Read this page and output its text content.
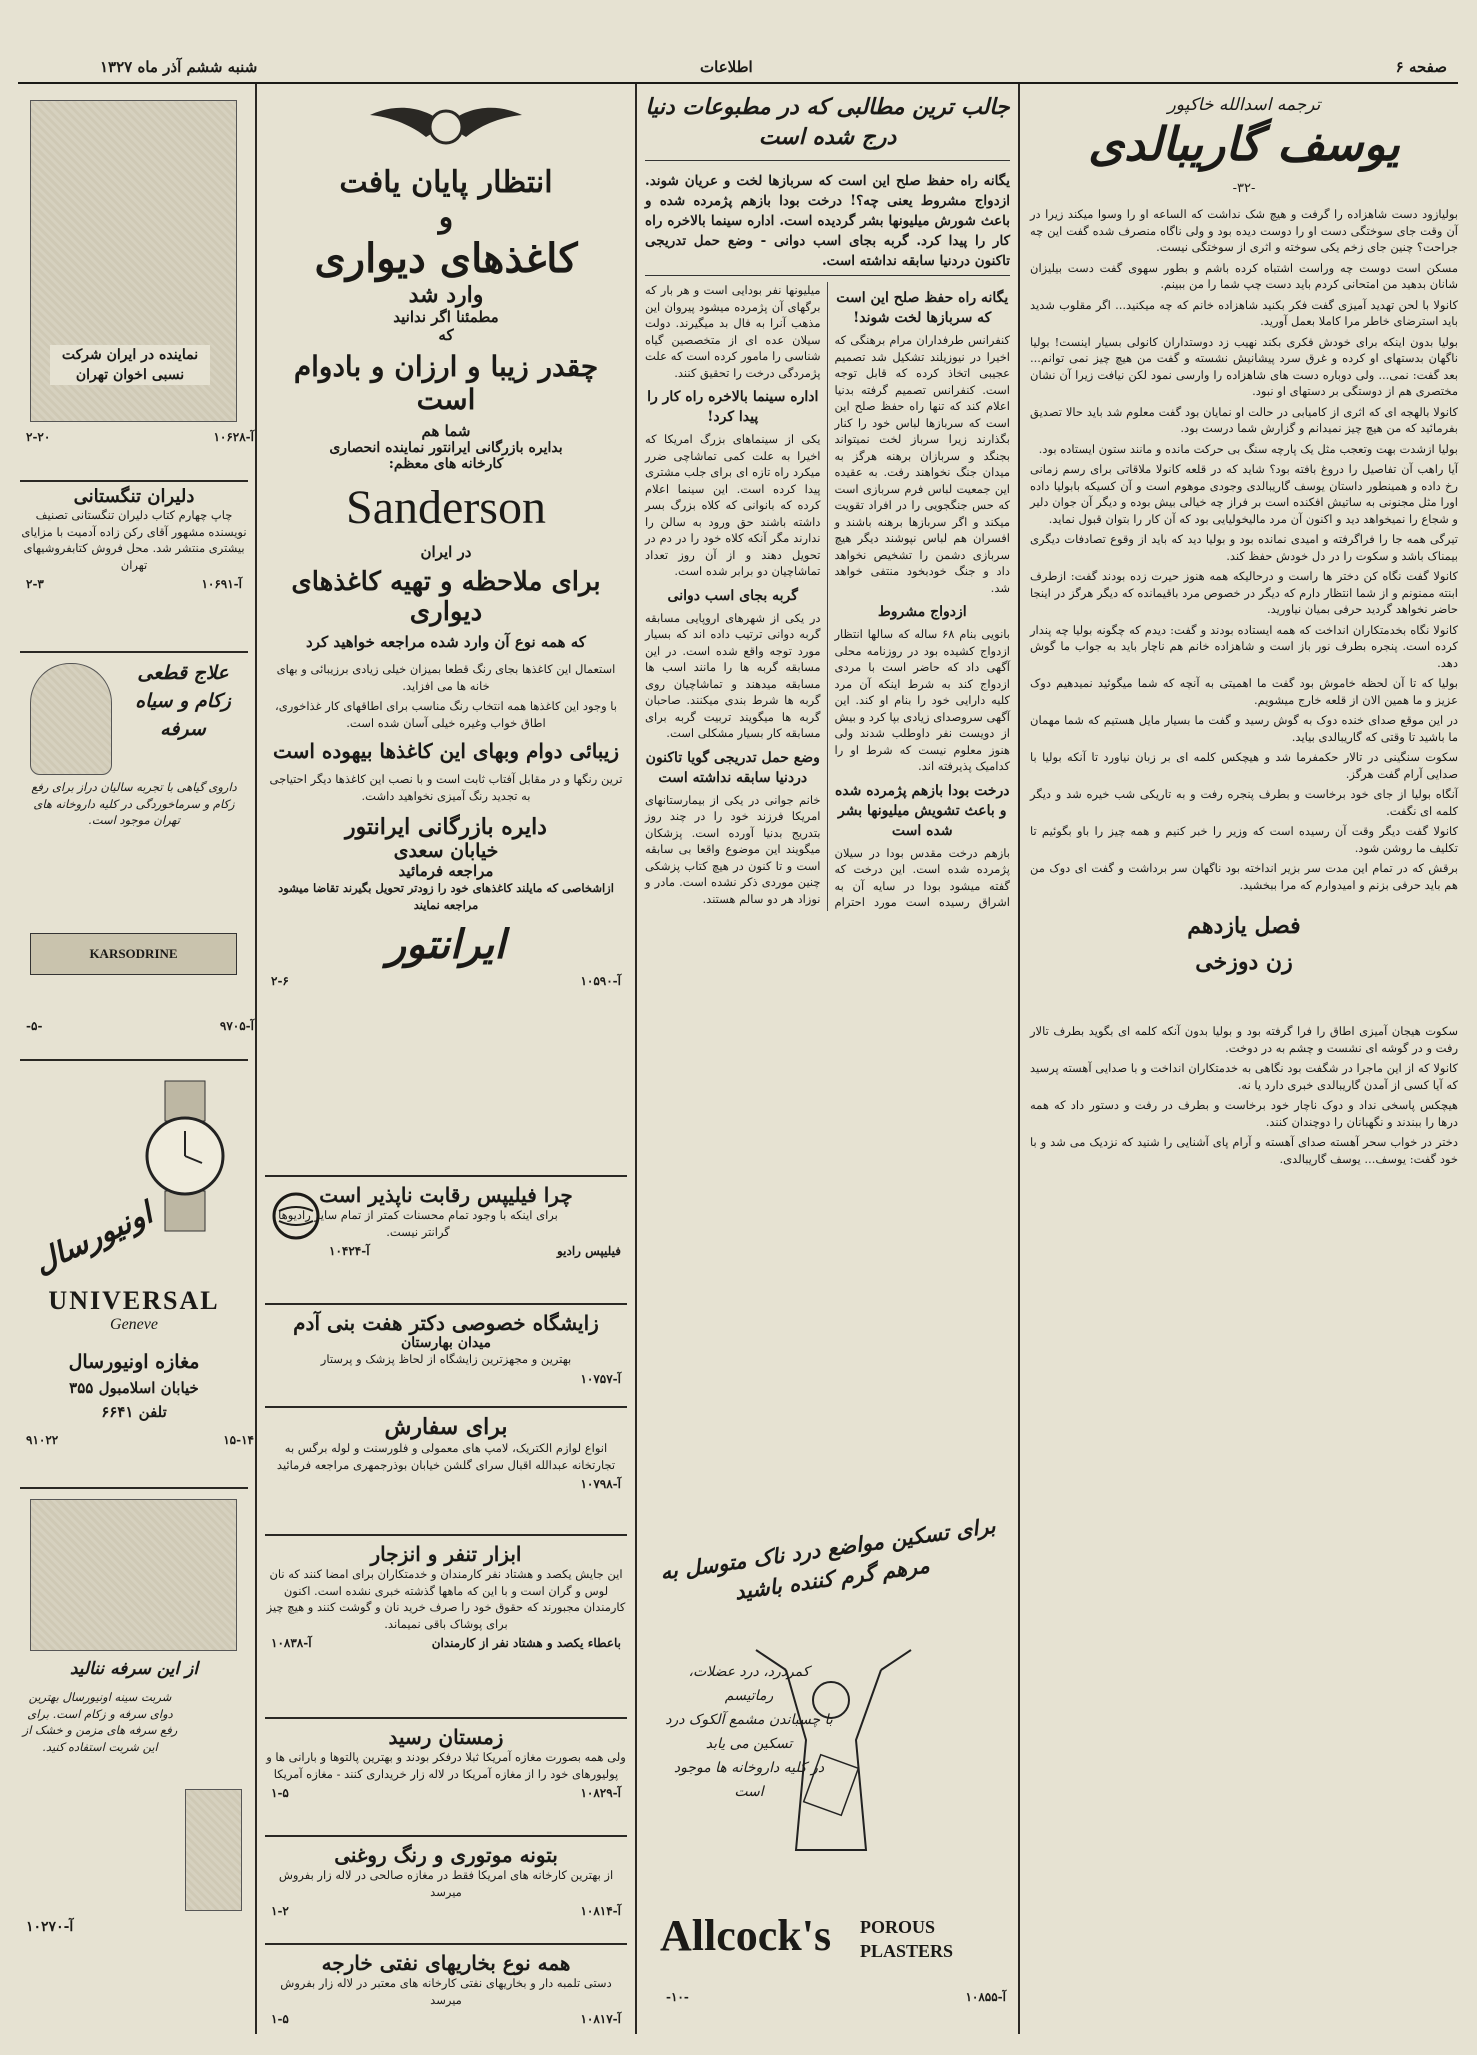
صفحه ۶
اطلاعات
شنبه ششم آذر ماه ۱۳۲۷
ترجمه اسدالله خاکپور
یوسف گاریبالدی
-۳۲-

بولیازود دست شاهزاده را گرفت و هیچ شک نداشت که الساعه او را وسوا میکند زیرا در آن وقت جای سوختگی دست او را دوست دیده بود و ولی ناگاه منصرف شده گفت این چه جراحت؟ چنین جای زخم یکی سوخته و اثری از سوختگی نیست.

مسکن است دوست چه وراست اشتباه کرده باشم و بطور سهوی گفت دست بیلیزان شانان بدهید من امتحانی کردم باید دست چپ شما را من ببینم.

کانولا با لحن تهدید آمیزی گفت فکر بکنید شاهزاده خانم که چه میکنید... اگر مقلوب شدید باید استرضای خاطر مرا کاملا بعمل آورید.

بولیا بدون اینکه برای خودش فکری بکند نهیب زد دوستداران کانولی بسیار اینست! بولیا ناگهان بدستهای او کرده و غرق سرد پیشانیش نشسته و گفت من هیچ چیز نمی توانم... بعد گفت: نمی... ولی دوباره دست های شاهزاده را وارسی نمود لکن نیافت زیرا آن نشان مختصری هم از دوستگی بر دستهای او نبود.

کانولا بالهجه ای که اثری از کامیابی در حالت او نمایان بود گفت معلوم شد باید حالا تصدیق بفرمائید که من هیچ چیز نمیدانم و گزارش شما درست بود.

بولیا ازشدت بهت وتعجب مثل یک پارچه سنگ بی حرکت مانده و مانند ستون ایستاده بود.

آیا راهب آن تفاصیل را دروغ بافته بود؟ شاید که در قلعه کانولا ملاقاتی برای رسم زمانی رخ داده و همینطور داستان یوسف گاریبالدی وجودی موهوم است و آن کسیکه بابولیا داده اورا مثل مجنونی به ساتیش افکنده است بر فراز چه خیالی بیش بوده و دیگر آن جوان دلیر و شجاع را نمیخواهد دید و اکنون آن مرد مالیخولیایی بود که آن کار را بتوان قبول نماید.

تیرگی همه جا را فراگرفته و امیدی نمانده بود و بولیا دید که باید از وقوع تصادفات دیگری بیمناک باشد و سکوت را در دل خودش حفظ کند.

کانولا گفت نگاه کن دختر ها راست و درحالیکه همه هنوز حیرت زده بودند گفت: ازطرف ابنته ممنونم و از شما انتظار دارم که دیگر در خصوص مرد باقیمانده که دیگر هرگز در اینجا حاضر نخواهد گردید حرفی بمیان نیاورید.

کانولا نگاه بخدمتکاران انداخت که همه ایستاده بودند و گفت: دیدم که چگونه بولیا چه پندار کرده است. پنجره بطرف نور باز است و شاهزاده خانم هم ناچار باید به جواب ما گوش دهد.

بولیا که تا آن لحظه خاموش بود گفت ما اهمیتی به آنچه که شما میگوئید نمیدهیم دوک عزیز و ما همین الان از قلعه خارج میشویم.

در این موقع صدای خنده دوک به گوش رسید و گفت ما بسیار مایل هستیم که شما مهمان ما باشید تا وقتی که گاریبالدی بیاید.

سکوت سنگینی در تالار حکمفرما شد و هیچکس کلمه ای بر زبان نیاورد تا آنکه بولیا با صدایی آرام گفت هرگز.

آنگاه بولیا از جای خود برخاست و بطرف پنجره رفت و به تاریکی شب خیره شد و دیگر کلمه ای نگفت.

کانولا گفت دیگر وقت آن رسیده است که وزیر را خبر کنیم و همه چیز را باو بگوئیم تا تکلیف ما روشن شود.

برقش که در تمام این مدت سر بزیر انداخته بود ناگهان سر برداشت و گفت ای دوک من هم باید حرفی بزنم و امیدوارم که مرا ببخشید.

فصل یازدهم
زن دوزخی

سکوت هیجان آمیزی اطاق را فرا گرفته بود و بولیا بدون آنکه کلمه ای بگوید بطرف تالار رفت و در گوشه ای نشست و چشم به در دوخت.

کانولا که از این ماجرا در شگفت بود نگاهی به خدمتکاران انداخت و با صدایی آهسته پرسید که آیا کسی از آمدن گاریبالدی خبری دارد یا نه.

هیچکس پاسخی نداد و دوک ناچار خود برخاست و بطرف در رفت و دستور داد که همه درها را ببندند و نگهبانان را دوچندان کنند.

دختر در خواب سحر آهسته صدای آهسته و آرام پای آشنایی را شنید که نزدیک می شد و با خود گفت: یوسف... یوسف گاریبالدی.

جالب ترین مطالبی که در مطبوعات دنیا درج شده است

یگانه راه حفظ صلح این است که سربازها لخت و عریان شوند. ازدواج مشروط یعنی چه؟! درخت بودا بازهم پژمرده شده و باعث شورش میلیونها بشر گردیده است. اداره سینما بالاخره راه کار را پیدا کرد. گربه بجای اسب دوانی - وضع حمل تدریجی تاکنون دردنیا سابقه نداشته است.

یگانه راه حفظ صلح این است که سربازها لخت شوند!

کنفرانس طرفداران مرام برهنگی که اخیرا در نیوزیلند تشکیل شد تصمیم عجیبی اتخاذ کرده که قابل توجه است. کنفرانس تصمیم گرفته بدنیا اعلام کند که تنها راه حفظ صلح این است که سربازها لباس خود را کنار بگذارند زیرا سرباز لخت نمیتواند بجنگد و سربازان برهنه هرگز به میدان جنگ نخواهند رفت. به عقیده این جمعیت لباس فرم سربازی است که حس جنگجویی را در افراد تقویت میکند و اگر سربازها برهنه باشند و افسران هم لباس نپوشند دیگر هیچ سربازی دشمن را تشخیص نخواهد داد و جنگ خودبخود منتفی خواهد شد.

ازدواج مشروط

بانویی بنام ۶۸ ساله که سالها انتظار ازدواج کشیده بود در روزنامه محلی آگهی داد که حاضر است با مردی ازدواج کند به شرط اینکه آن مرد کلیه دارایی خود را بنام او کند. این آگهی سروصدای زیادی بپا کرد و بیش از دویست نفر داوطلب شدند ولی هنوز معلوم نیست که شرط او را کدامیک پذیرفته اند.

درخت بودا بازهم پژمرده شده و باعث تشویش میلیونها بشر شده است

بازهم درخت مقدس بودا در سیلان پژمرده شده است. این درخت که گفته میشود بودا در سایه آن به اشراق رسیده است مورد احترام میلیونها نفر بودایی است و هر بار که برگهای آن پژمرده میشود پیروان این مذهب آنرا به فال بد میگیرند. دولت سیلان عده ای از متخصصین گیاه شناسی را مامور کرده است که علت پژمردگی درخت را تحقیق کنند.

اداره سینما بالاخره راه کار را پیدا کرد!

یکی از سینماهای بزرگ امریکا که اخیرا به علت کمی تماشاچی ضرر میکرد راه تازه ای برای جلب مشتری پیدا کرده است. این سینما اعلام کرده که بانوانی که کلاه بزرگ بسر داشته باشند حق ورود به سالن را ندارند مگر آنکه کلاه خود را در دم در تحویل دهند و از آن روز تعداد تماشاچیان دو برابر شده است.

گربه بجای اسب دوانی

در یکی از شهرهای اروپایی مسابقه گربه دوانی ترتیب داده اند که بسیار مورد توجه واقع شده است. در این مسابقه گربه ها را مانند اسب ها مسابقه میدهند و تماشاچیان روی گربه ها شرط بندی میکنند. صاحبان گربه ها میگویند تربیت گربه برای مسابقه کار بسیار مشکلی است.

وضع حمل تدریجی گویا تاکنون دردنیا سابقه نداشته است

خانم جوانی در یکی از بیمارستانهای امریکا فرزند خود را در چند روز بتدریج بدنیا آورده است. پزشکان میگویند این موضوع واقعا بی سابقه است و تا کنون در هیچ کتاب پزشکی چنین موردی ذکر نشده است. مادر و نوزاد هر دو سالم هستند.

برای تسکین مواضع درد ناک متوسل به مرهم گرم کننده باشید
کمردرد، درد عضلات، رماتیسم
با چسباندن مشمع آلکوک درد تسکین می یابد
در کلیه داروخانه ها موجود است
Allcock's	POROUS PLASTERS
آ-۱۰۸۵۵
-۱۰-
انتظار پایان یافت
و
کاغذهای دیواری
وارد شد
مطمئنا اگر ندانید
که
چقدر زیبا و ارزان و بادوام است
شما هم
بدایره بازرگانی ایرانتور نماینده انحصاری
کارخانه های معظم:
Sanderson
در ایران
برای ملاحظه و تهیه کاغذهای دیواری
که همه نوع آن وارد شده مراجعه خواهید کرد

استعمال این کاغذها بجای رنگ قطعا بمیزان خیلی زیادی برزیبائی و بهای خانه ها می افزاید.

با وجود این کاغذها همه انتخاب رنگ مناسب برای اطاقهای کار غذاخوری، اطاق خواب وغیره خیلی آسان شده است.

زیبائی دوام وبهای این کاغذها بیهوده است

ترین رنگها و در مقابل آفتاب ثابت است و با نصب این کاغذها دیگر احتیاجی به تجدید رنگ آمیزی نخواهید داشت.

دایره بازرگانی ایرانتور
خیابان سعدی
مراجعه فرمائید

ازاشخاصی که مایلند کاغذهای خود را زودتر تحویل بگیرند تقاضا میشود مراجعه نمایند

ایرانتور
آ-۱۰۵۹۰
۲-۶
چرا فیلیپس رقابت ناپذیر است

برای اینکه با وجود تمام محسنات کمتر از تمام سایر رادیوها گرانتر نیست.

فیلیپس رادیو
آ-۱۰۴۲۴
زایشگاه خصوصی دکتر هفت بنی آدم
میدان بهارستان

بهترین و مجهزترین زایشگاه از لحاظ پزشک و پرستار

آ-۱۰۷۵۷
برای سفارش

انواع لوازم الکتریک، لامپ های معمولی و فلورسنت و لوله برگس به تجارتخانه عبدالله اقبال سرای گلشن خیابان بوذرجمهری مراجعه فرمائید

آ-۱۰۷۹۸
ابزار تنفر و انزجار

این جایش یکصد و هشتاد نفر کارمندان و خدمتکاران برای امضا کنند که نان لوس و گران است و با این که ماهها گذشته خبری نشده است. اکنون کارمندان مجبورند که حقوق خود را صرف خرید نان و گوشت کنند و هیچ چیز برای پوشاک باقی نمیماند.

باعطاء یکصد و هشتاد نفر از کارمندان
آ-۱۰۸۳۸
زمستان رسید

ولی همه بصورت مغازه آمریکا ثبلا درفکر بودند و بهترین پالتوها و بارانی ها و پولیورهای خود را از مغازه آمریکا در لاله زار خریداری کنند - مغازه آمریکا

آ-۱۰۸۲۹
۱-۵
بتونه موتوری و رنگ روغنی

از بهترین کارخانه های امریکا فقط در مغازه صالحی در لاله زار بفروش میرسد

آ-۱۰۸۱۴
۱-۲
همه نوع بخاریهای نفتی خارجه

دستی تلمبه دار و بخاریهای نفتی کارخانه های معتبر در لاله زار بفروش میرسد

آ-۱۰۸۱۷
۱-۵
نماینده در ایران شرکت نسبی اخوان تهران
آ-۱۰۶۲۸
۲-۲۰
دلیران تنگستانی

چاپ چهارم کتاب دلیران تنگستانی تصنیف نویسنده مشهور آقای رکن زاده آدمیت با مزایای بیشتری منتشر شد. محل فروش کتابفروشیهای تهران

آ-۱۰۶۹۱
۲-۳
علاج قطعی زکام و سیاه سرفه

داروی گیاهی با تجربه سالیان دراز برای رفع زکام و سرماخوردگی در کلیه داروخانه های تهران موجود است.

KARSODRINE
آ-۹۷۰۵
-۵-
اونیورسال
UNIVERSAL
Geneve
مغازه اونیورسال
خیابان اسلامبول ۳۵۵
تلفن ۶۶۴۱
۱۵-۱۴
۹۱۰۲۲
از این سرفه ننالید

شربت سینه اونیورسال بهترین دوای سرفه و زکام است. برای رفع سرفه های مزمن و خشک از این شربت استفاده کنید.

آ-۱۰۲۷۰
